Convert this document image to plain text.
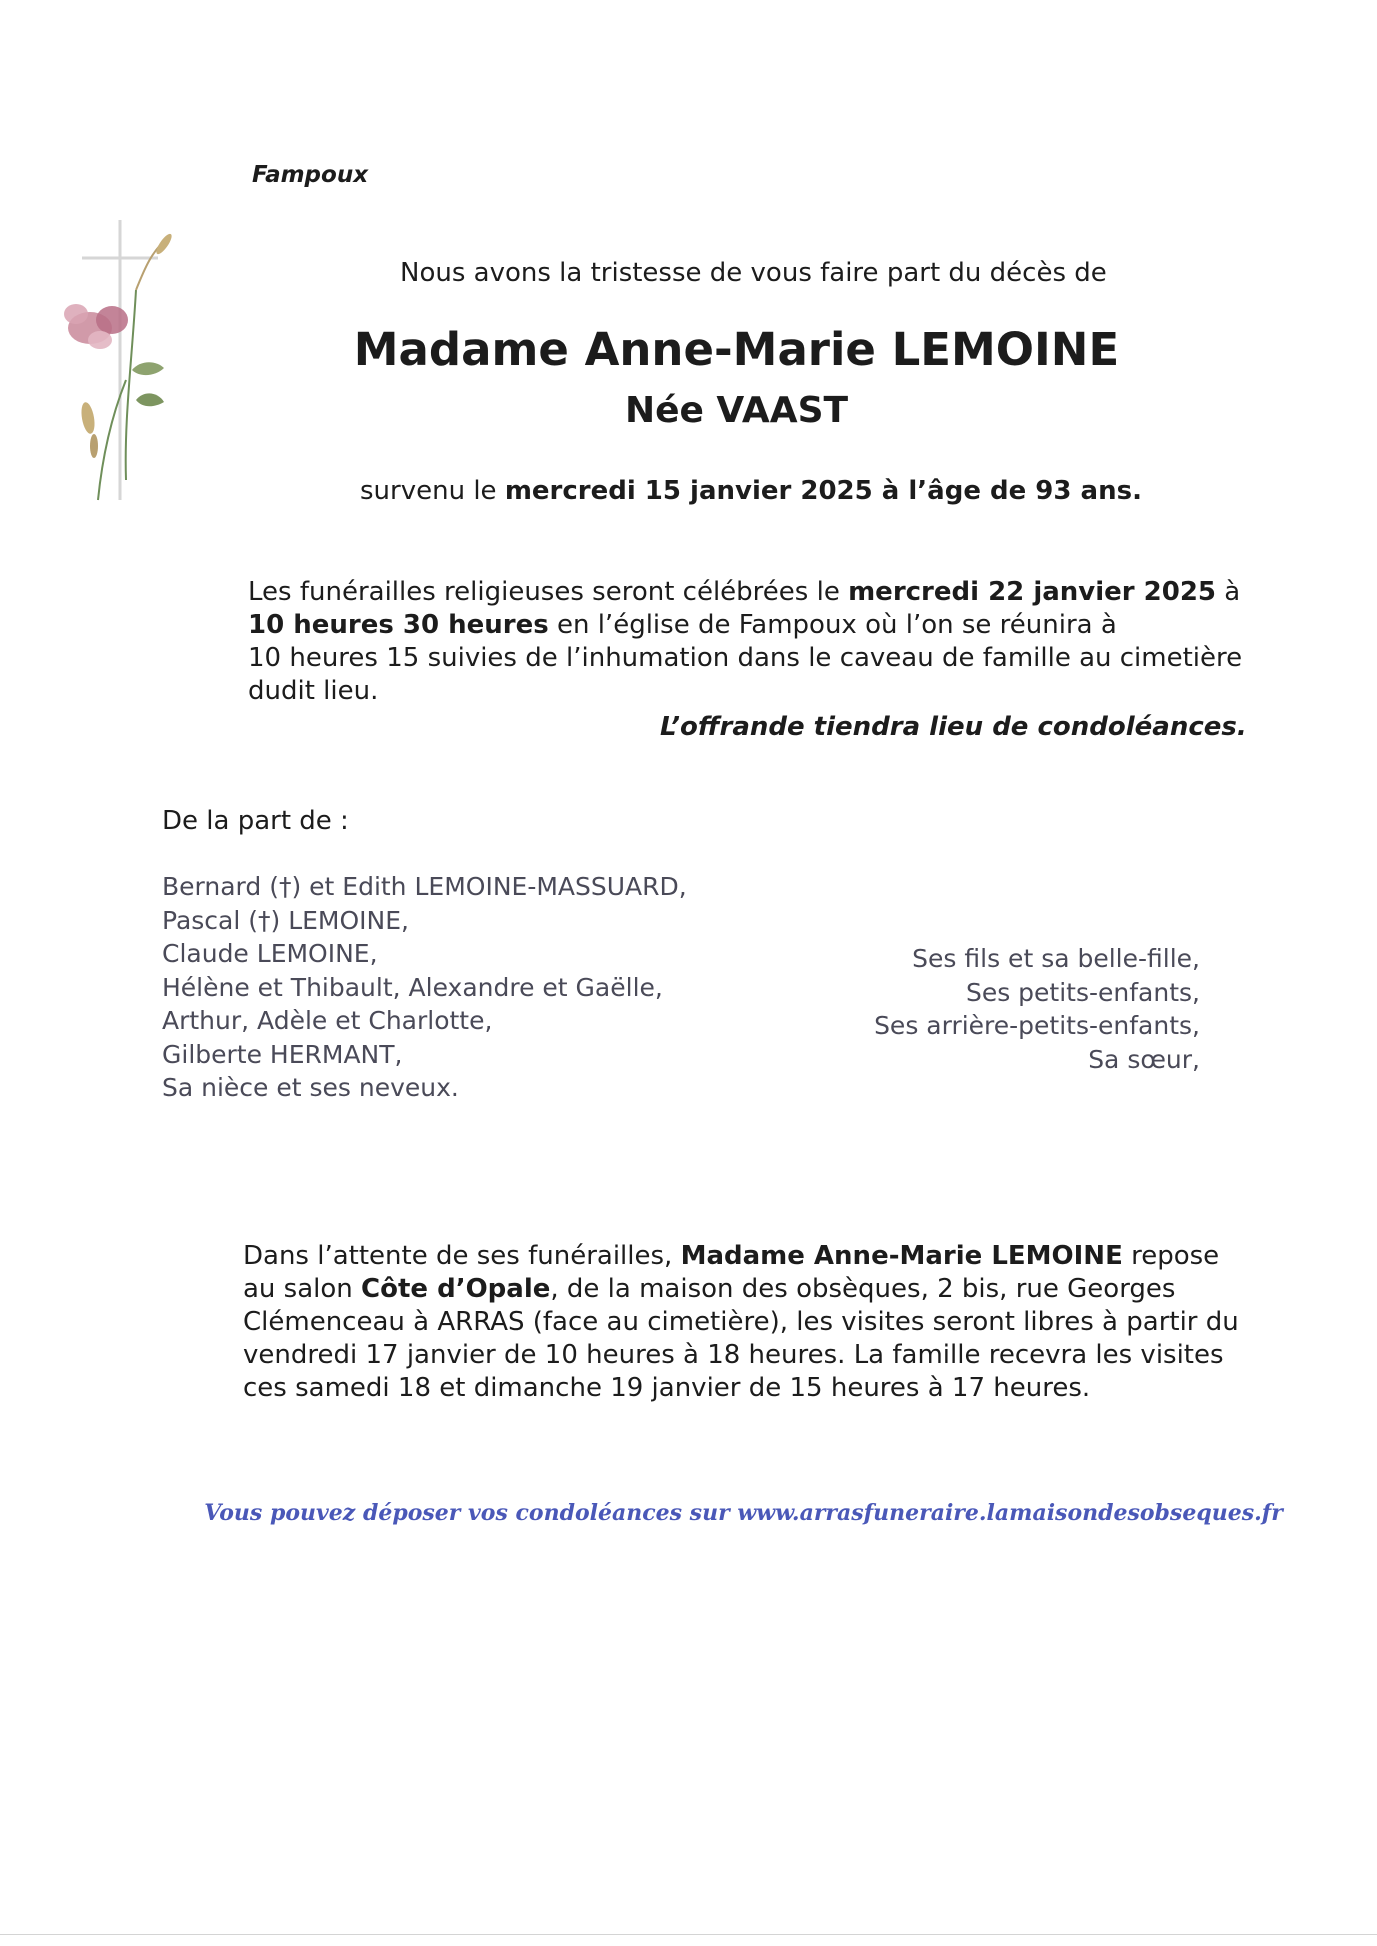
Fampoux
Nous avons la tristesse de vous faire part du décès de
Madame Anne-Marie LEMOINE
Née VAAST
survenu le mercredi 15 janvier 2025 à l’âge de 93 ans.
Les funérailles religieuses seront célébrées le mercredi 22 janvier 2025 à
10 heures 30 heures en l’église de Fampoux où l’on se réunira à
10 heures 15 suivies de l’inhumation dans le caveau de famille au cimetière dudit lieu.
L’offrande tiendra lieu de condoléances.
De la part de :
Bernard (†) et Edith LEMOINE-MASSUARD,
Pascal (†) LEMOINE,
Claude LEMOINE,
Hélène et Thibault, Alexandre et Gaëlle,
Arthur, Adèle et Charlotte,
Gilberte HERMANT,
Sa nièce et ses neveux.
Ses fils et sa belle-fille,
Ses petits-enfants,
Ses arrière-petits-enfants,
Sa sœur,
Dans l’attente de ses funérailles, Madame Anne-Marie LEMOINE repose au salon Côte d’Opale, de la maison des obsèques, 2 bis, rue Georges Clémenceau à ARRAS (face au cimetière), les visites seront libres à partir du vendredi 17 janvier de 10 heures à 18 heures. La famille recevra les visites ces samedi 18 et dimanche 19 janvier de 15 heures à 17 heures.
Vous pouvez déposer vos condoléances sur www.arrasfuneraire.lamaisondesobseques.fr
